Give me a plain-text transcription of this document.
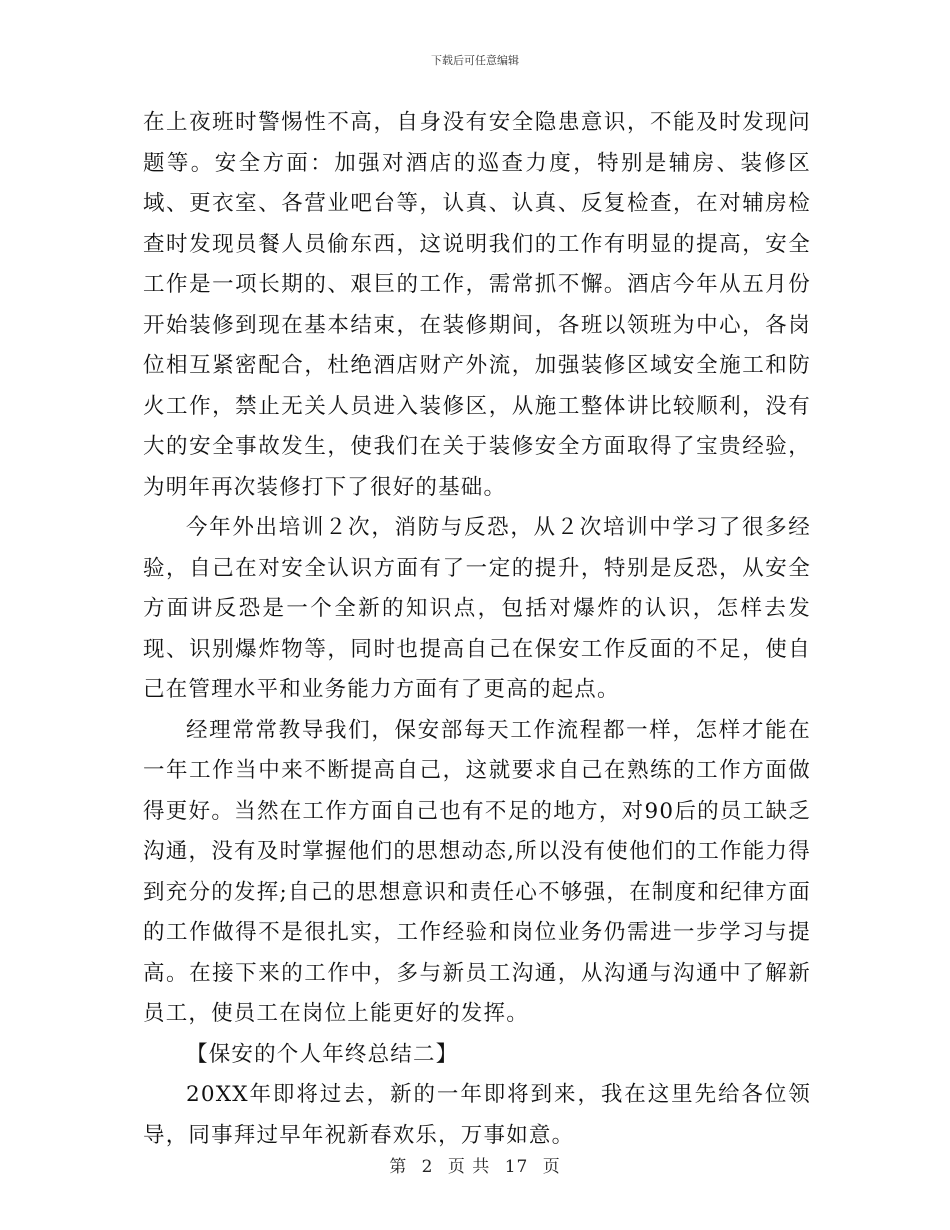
下载后可任意编辑

在上夜班时警惕性不高，自身没有安全隐患意识，不能及时发现问题等。安全方面：加强对酒店的巡查力度，特别是辅房、装修区域、更衣室、各营业吧台等，认真、认真、反复检查，在对辅房检查时发现员餐人员偷东西，这说明我们的工作有明显的提高，安全工作是一项长期的、艰巨的工作，需常抓不懈。酒店今年从五月份开始装修到现在基本结束，在装修期间，各班以领班为中心，各岗位相互紧密配合，杜绝酒店财产外流，加强装修区域安全施工和防火工作，禁止无关人员进入装修区，从施工整体讲比较顺利，没有大的安全事故发生，使我们在关于装修安全方面取得了宝贵经验，为明年再次装修打下了很好的基础。

今年外出培训２次，消防与反恐，从２次培训中学习了很多经验，自己在对安全认识方面有了一定的提升，特别是反恐，从安全方面讲反恐是一个全新的知识点，包括对爆炸的认识，怎样去发现、识别爆炸物等，同时也提高自己在保安工作反面的不足，使自己在管理水平和业务能力方面有了更高的起点。

经理常常教导我们，保安部每天工作流程都一样，怎样才能在一年工作当中来不断提高自己，这就要求自己在熟练的工作方面做得更好。当然在工作方面自己也有不足的地方，对90后的员工缺乏沟通，没有及时掌握他们的思想动态,所以没有使他们的工作能力得到充分的发挥;自己的思想意识和责任心不够强，在制度和纪律方面的工作做得不是很扎实，工作经验和岗位业务仍需进一步学习与提高。在接下来的工作中，多与新员工沟通，从沟通与沟通中了解新员工，使员工在岗位上能更好的发挥。

【保安的个人年终总结二】

20XX年即将过去，新的一年即将到来，我在这里先给各位领导，同事拜过早年祝新春欢乐，万事如意。

第 2 页 共 17 页
